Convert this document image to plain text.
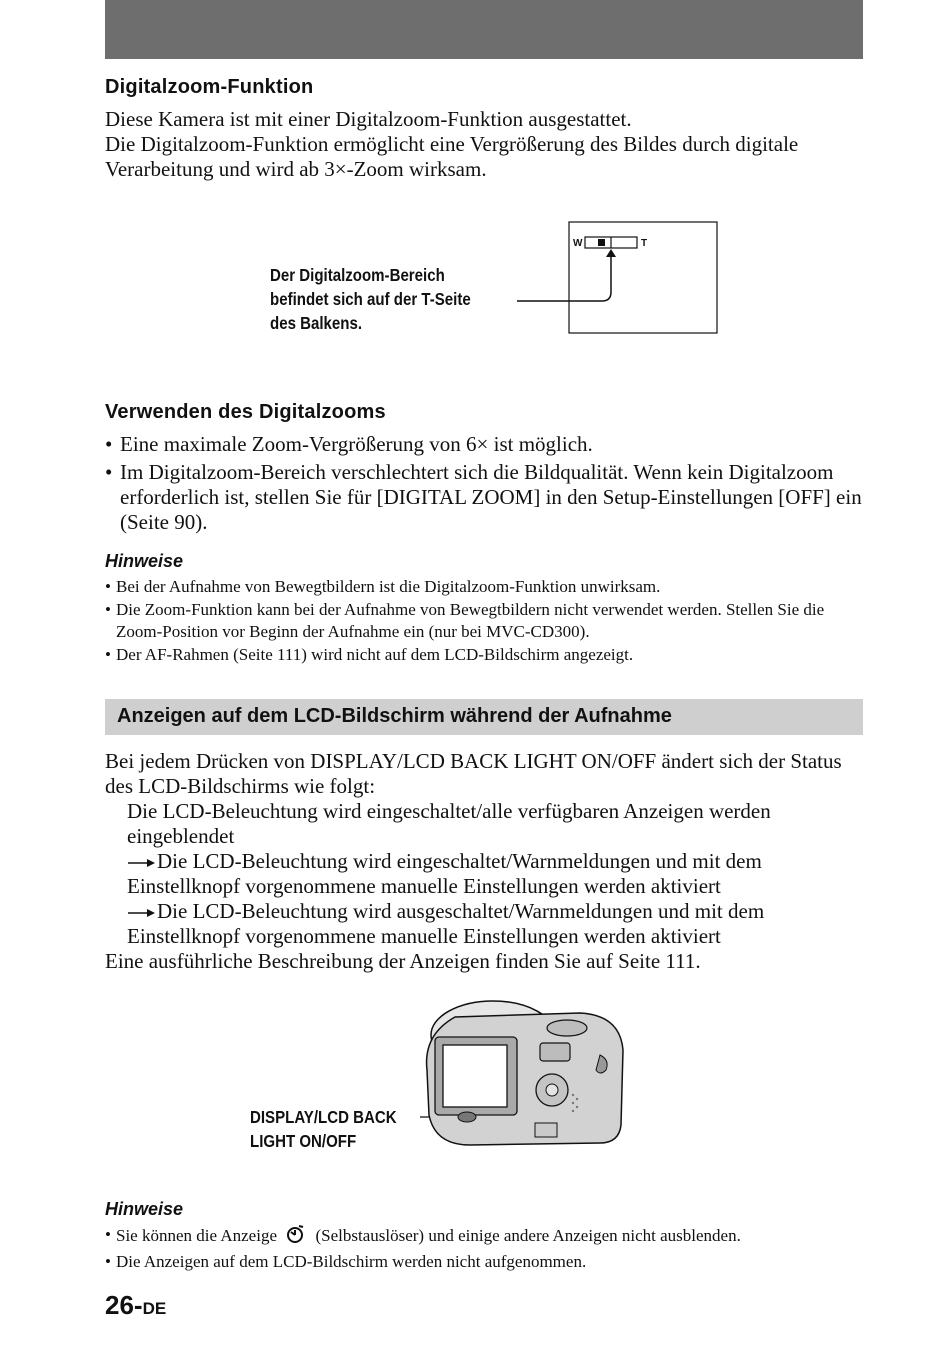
Digitalzoom-Funktion

Diese Kamera ist mit einer Digitalzoom-Funktion ausgestattet.

Die Digitalzoom-Funktion ermöglicht eine Vergrößerung des Bildes durch digitale

Verarbeitung und wird ab 3×-Zoom wirksam.

Der Digitalzoom-Bereich
befindet sich auf der T-Seite
des Balkens.
W	T
Verwenden des Digitalzooms
• Eine maximale Zoom-Vergrößerung von 6× ist möglich.
• Im Digitalzoom-Bereich verschlechtert sich die Bildqualität. Wenn kein Digitalzoom erforderlich ist, stellen Sie für [DIGITAL ZOOM] in den Setup-Einstellungen [OFF] ein (Seite 90).
Hinweise
• Bei der Aufnahme von Bewegtbildern ist die Digitalzoom-Funktion unwirksam.
• Die Zoom-Funktion kann bei der Aufnahme von Bewegtbildern nicht verwendet werden. Stellen Sie die Zoom-Position vor Beginn der Aufnahme ein (nur bei MVC-CD300).
• Der AF-Rahmen (Seite 111) wird nicht auf dem LCD-Bildschirm angezeigt.
Anzeigen auf dem LCD-Bildschirm während der Aufnahme

Bei jedem Drücken von DISPLAY/LCD BACK LIGHT ON/OFF ändert sich der Status des LCD-Bildschirms wie folgt:

Die LCD-Beleuchtung wird eingeschaltet/alle verfügbaren Anzeigen werden eingeblendet

Die LCD-Beleuchtung wird eingeschaltet/Warnmeldungen und mit dem Einstellknopf vorgenommene manuelle Einstellungen werden aktiviert

Die LCD-Beleuchtung wird ausgeschaltet/Warnmeldungen und mit dem Einstellknopf vorgenommene manuelle Einstellungen werden aktiviert

Eine ausführliche Beschreibung der Anzeigen finden Sie auf Seite 111.

DISPLAY/LCD BACK
LIGHT ON/OFF
Hinweise
• Sie können die Anzeige (Selbstauslöser) und einige andere Anzeigen nicht ausblenden.
• Die Anzeigen auf dem LCD-Bildschirm werden nicht aufgenommen.
26-DE
